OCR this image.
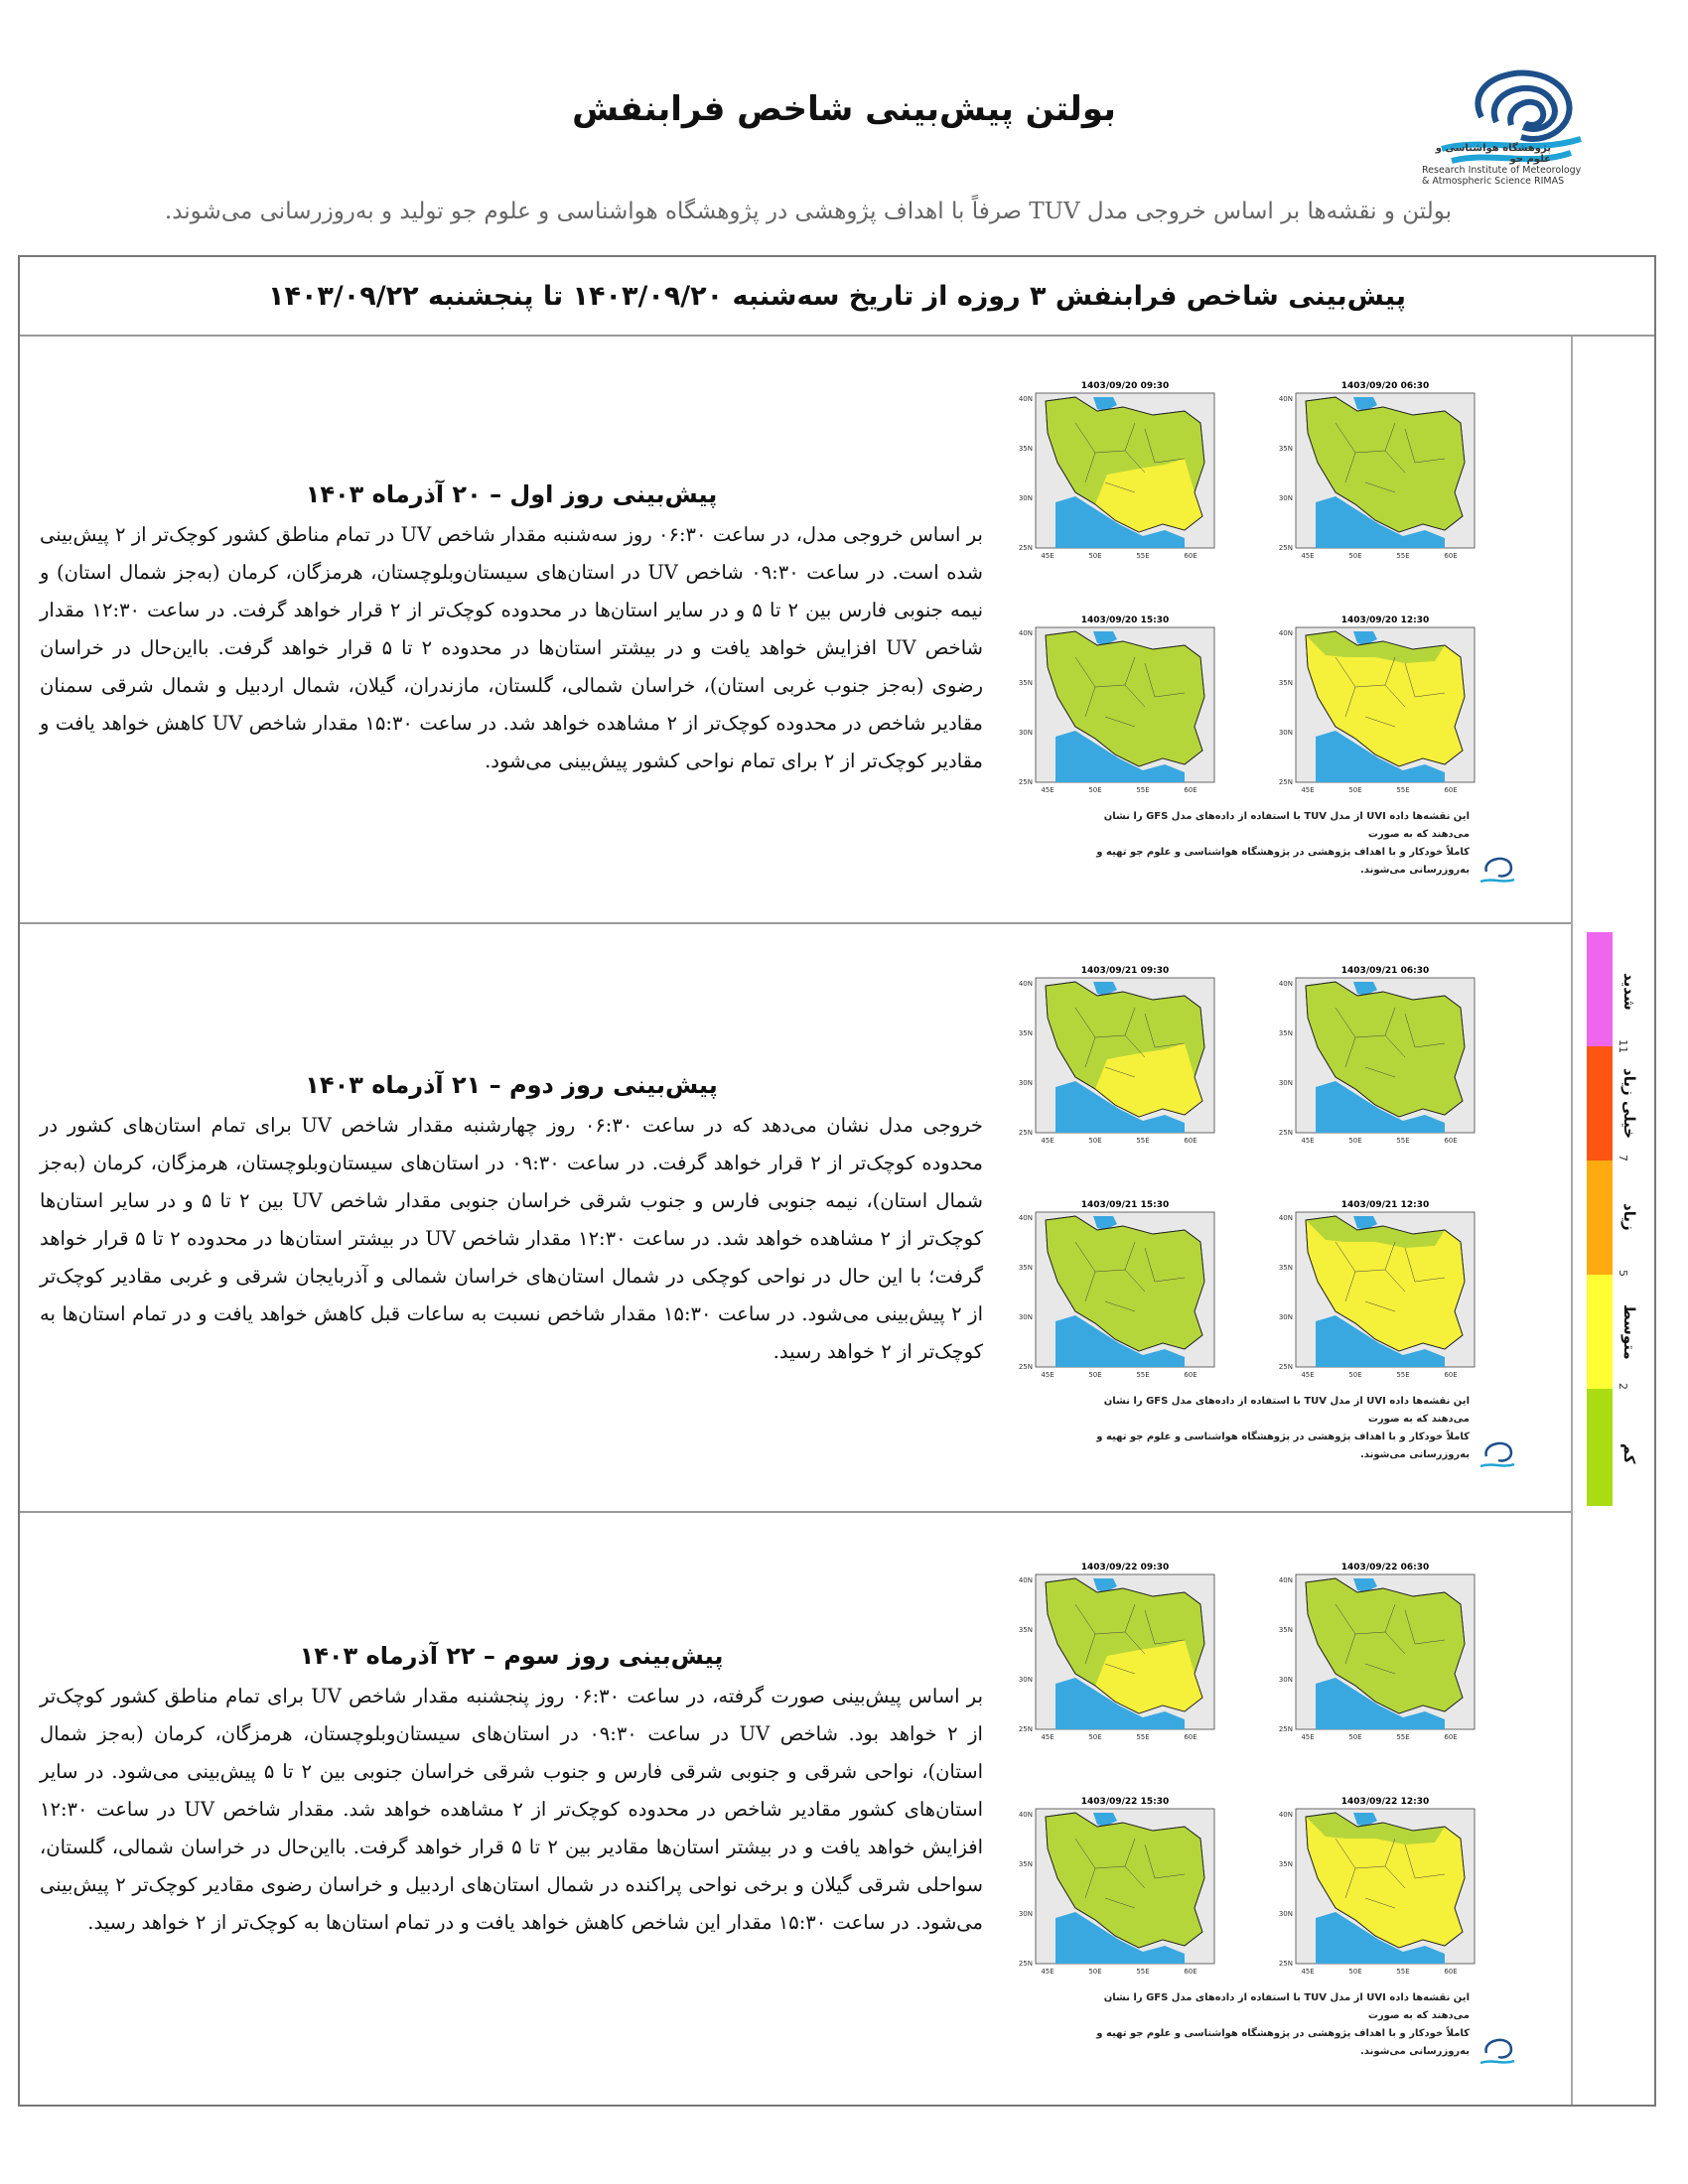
پژوهشگاه هواشناسی و علوم جو
Research Institute of Meteorology
& Atmospheric Science RIMAS
بولتن پیش‌بینی شاخص فرابنفش
بولتن و نقشه‌ها بر اساس خروجی مدل TUV صرفاً با اهداف پژوهشی در پژوهشگاه هواشناسی و علوم جو تولید و به‌روزرسانی می‌شوند.
پیش‌بینی شاخص فرابنفش ۳ روزه از تاریخ سه‌شنبه ۱۴۰۳/۰۹/۲۰ تا پنجشنبه ۱۴۰۳/۰۹/۲۲
پیش‌بینی روز اول – ۲۰ آذرماه ۱۴۰۳
بر اساس خروجی مدل، در ساعت ۰۶:۳۰ روز سه‌شنبه مقدار شاخص UV در تمام مناطق کشور کوچک‌تر از ۲ پیش‌بینی شده است. در ساعت ۰۹:۳۰ شاخص UV در استان‌های سیستان‌وبلوچستان، هرمزگان، کرمان (به‌جز شمال استان) و نیمه جنوبی فارس بین ۲ تا ۵ و در سایر استان‌ها در محدوده کوچک‌تر از ۲ قرار خواهد گرفت. در ساعت ۱۲:۳۰ مقدار شاخص UV افزایش خواهد یافت و در بیشتر استان‌ها در محدوده ۲ تا ۵ قرار خواهد گرفت. بااین‌حال در خراسان رضوی (به‌جز جنوب غربی استان)، خراسان شمالی، گلستان، مازندران، گیلان، شمال اردبیل و شمال شرقی سمنان مقادیر شاخص در محدوده کوچک‌تر از ۲ مشاهده خواهد شد. در ساعت ۱۵:۳۰ مقدار شاخص UV کاهش خواهد یافت و مقادیر کوچک‌تر از ۲ برای تمام نواحی کشور پیش‌بینی می‌شود.
1403/09/20 06:30
40N
35N
30N
25N
45E	50E	55E	60E
1403/09/20 09:30
40N
35N
30N
25N
45E	50E	55E	60E
1403/09/20 12:30
40N
35N
30N
25N
45E	50E	55E	60E
1403/09/20 15:30
40N
35N
30N
25N
45E	50E	55E	60E
این نقشه‌ها داده UVI از مدل TUV با استفاده از داده‌های مدل GFS را نشان می‌دهند که به صورت
کاملاً خودکار و با اهداف پژوهشی در پژوهشگاه هواشناسی و علوم جو تهیه و به‌روزرسانی می‌شوند.
پیش‌بینی روز دوم – ۲۱ آذرماه ۱۴۰۳
خروجی مدل نشان می‌دهد که در ساعت ۰۶:۳۰ روز چهارشنبه مقدار شاخص UV برای تمام استان‌های کشور در محدوده کوچک‌تر از ۲ قرار خواهد گرفت. در ساعت ۰۹:۳۰ در استان‌های سیستان‌وبلوچستان، هرمزگان، کرمان (به‌جز شمال استان)، نیمه جنوبی فارس و جنوب شرقی خراسان جنوبی مقدار شاخص UV بین ۲ تا ۵ و در سایر استان‌ها کوچک‌تر از ۲ مشاهده خواهد شد. در ساعت ۱۲:۳۰ مقدار شاخص UV در بیشتر استان‌ها در محدوده ۲ تا ۵ قرار خواهد گرفت؛ با این حال در نواحی کوچکی در شمال استان‌های خراسان شمالی و آذربایجان شرقی و غربی مقادیر کوچک‌تر از ۲ پیش‌بینی می‌شود. در ساعت ۱۵:۳۰ مقدار شاخص نسبت به ساعات قبل کاهش خواهد یافت و در تمام استان‌ها به کوچک‌تر از ۲ خواهد رسید.
1403/09/21 06:30
40N
35N
30N
25N
45E	50E	55E	60E
1403/09/21 09:30
40N
35N
30N
25N
45E	50E	55E	60E
1403/09/21 12:30
40N
35N
30N
25N
45E	50E	55E	60E
1403/09/21 15:30
40N
35N
30N
25N
45E	50E	55E	60E
این نقشه‌ها داده UVI از مدل TUV با استفاده از داده‌های مدل GFS را نشان می‌دهند که به صورت
کاملاً خودکار و با اهداف پژوهشی در پژوهشگاه هواشناسی و علوم جو تهیه و به‌روزرسانی می‌شوند.
پیش‌بینی روز سوم – ۲۲ آذرماه ۱۴۰۳
بر اساس پیش‌بینی صورت گرفته، در ساعت ۰۶:۳۰ روز پنجشنبه مقدار شاخص UV برای تمام مناطق کشور کوچک‌تر از ۲ خواهد بود. شاخص UV در ساعت ۰۹:۳۰ در استان‌های سیستان‌وبلوچستان، هرمزگان، کرمان (به‌جز شمال استان)، نواحی شرقی و جنوبی شرقی فارس و جنوب شرقی خراسان جنوبی بین ۲ تا ۵ پیش‌بینی می‌شود. در سایر استان‌های کشور مقادیر شاخص در محدوده کوچک‌تر از ۲ مشاهده خواهد شد. مقدار شاخص UV در ساعت ۱۲:۳۰ افزایش خواهد یافت و در بیشتر استان‌ها مقادیر بین ۲ تا ۵ قرار خواهد گرفت. بااین‌حال در خراسان شمالی، گلستان، سواحلی شرقی گیلان و برخی نواحی پراکنده در شمال استان‌های اردبیل و خراسان رضوی مقادیر کوچک‌تر ۲ پیش‌بینی می‌شود. در ساعت ۱۵:۳۰ مقدار این شاخص کاهش خواهد یافت و در تمام استان‌ها به کوچک‌تر از ۲ خواهد رسید.
1403/09/22 06:30
40N
35N
30N
25N
45E	50E	55E	60E
1403/09/22 09:30
40N
35N
30N
25N
45E	50E	55E	60E
1403/09/22 12:30
40N
35N
30N
25N
45E	50E	55E	60E
1403/09/22 15:30
40N
35N
30N
25N
45E	50E	55E	60E
این نقشه‌ها داده UVI از مدل TUV با استفاده از داده‌های مدل GFS را نشان می‌دهند که به صورت
کاملاً خودکار و با اهداف پژوهشی در پژوهشگاه هواشناسی و علوم جو تهیه و به‌روزرسانی می‌شوند.
شدید
خیلی زیاد
زیاد
متوسط
کم
11
7
5
2
